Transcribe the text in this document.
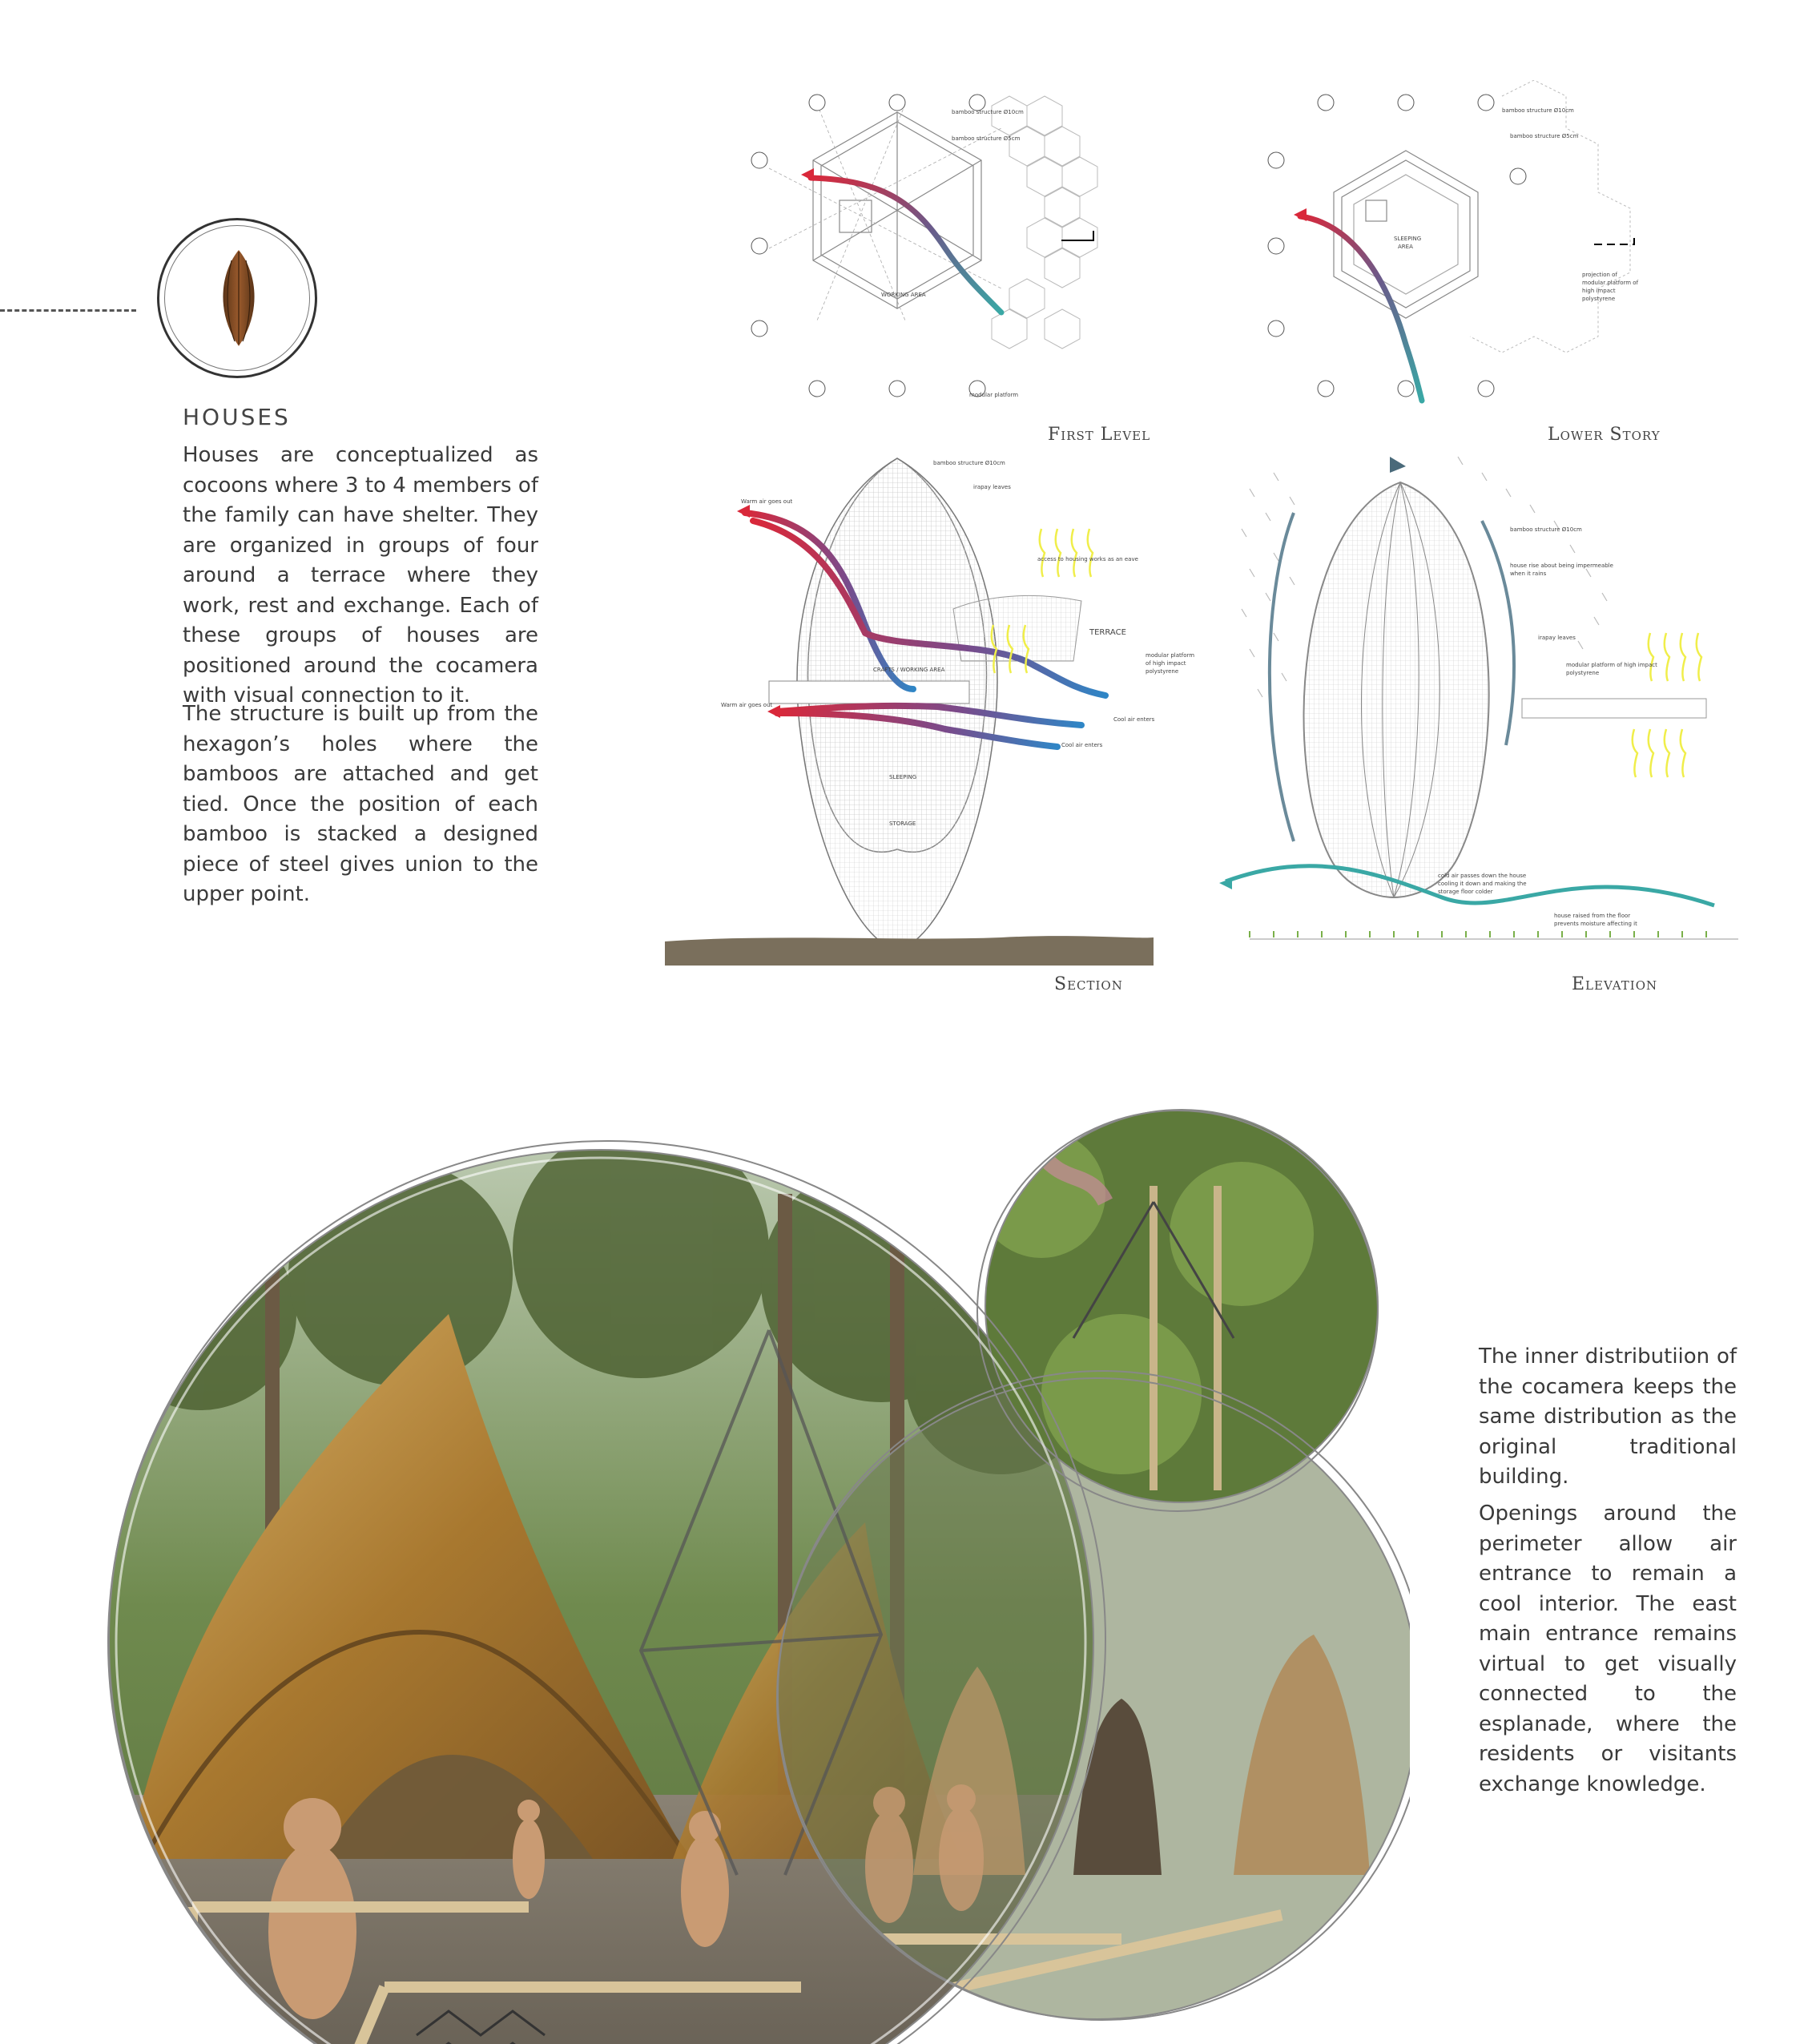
HOUSES
Houses are conceptualized as cocoons where 3 to 4 members of the family can have shelter. They are organized in groups of four around a terrace where they work, rest and exchange. Each of these groups of houses are positioned around the cocamera with visual connection to it.
The structure is built up from the hexagon’s holes where the bamboos are attached and get tied. Once the position of each bamboo is stacked a designed piece of steel gives union to the upper point.
bamboo structure Ø10cm
bamboo structure Ø5cm
WORKING AREA
modular platform
SLEEPING
AREA
bamboo structure Ø10cm
bamboo structure Ø5cm
projection of
modular platform of
high impact
polystyrene
First Level	Lower Story
bamboo structure Ø10cm
irapay leaves
Warm air goes out
access to housing works as an eave
TERRACE
modular platform
of high impact
polystyrene
CRAFTS / WORKING AREA
Warm air goes out
Cool air enters
Cool air enters
SLEEPING
STORAGE
bamboo structure Ø10cm
house rise about being impermeable
when it rains
irapay leaves
modular platform of high impact
polystyrene
cold air passes down the house
cooling it down and making the
storage floor colder
house raised from the floor
prevents moisture affecting it
Section	Elevation
The inner distributiion of the cocamera keeps the same distribution as the original traditional building.
Openings around the perimeter allow air entrance to remain a cool interior. The east main entrance remains virtual to get visually connected to the esplanade, where the residents or visitants exchange knowledge.
